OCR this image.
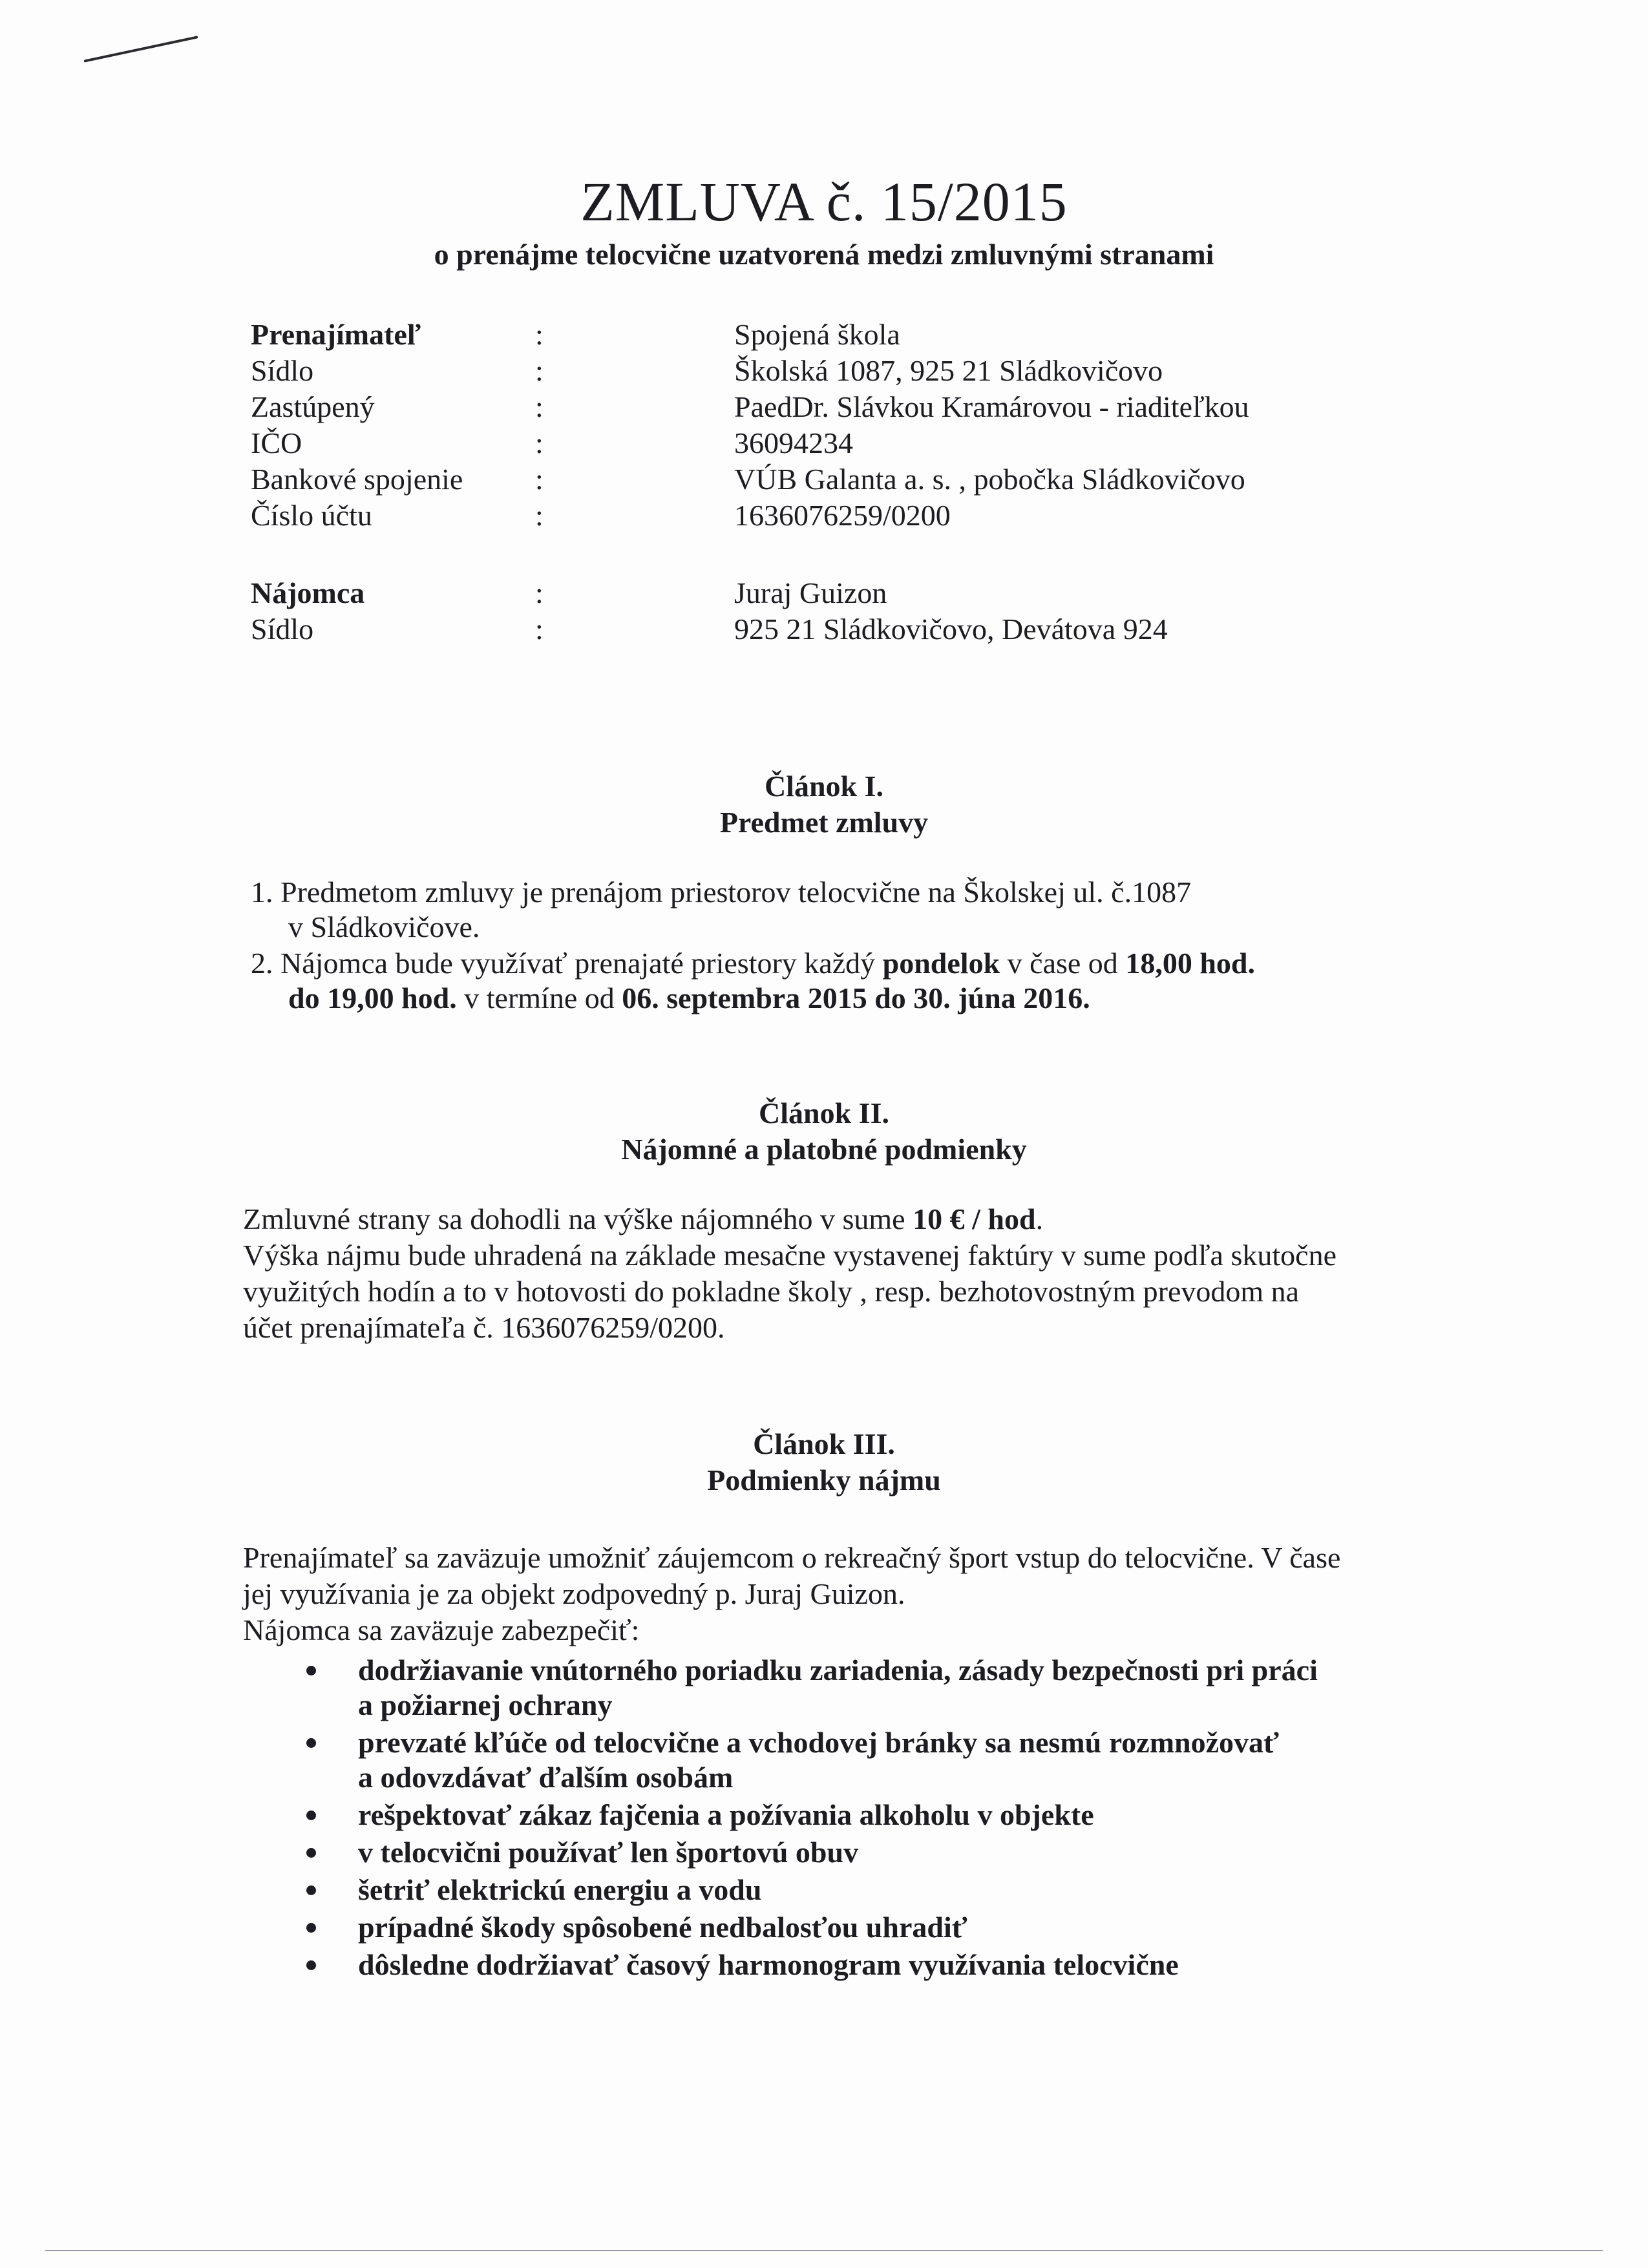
ZMLUVA č. 15/2015
o prenájme telocvične uzatvorená medzi zmluvnými stranami
Prenajímateľ	:	Spojená škola
Sídlo	:	Školská 1087, 925 21 Sládkovičovo
Zastúpený	:	PaedDr. Slávkou Kramárovou - riaditeľkou
IČO	:	36094234
Bankové spojenie :	VÚB Galanta a. s. , pobočka Sládkovičovo
Číslo účtu	:	1636076259/0200
Nájomca	:	Juraj Guizon
Sídlo	:	925 21 Sládkovičovo, Devátova 924
Článok I.
Predmet zmluvy
1. Predmetom zmluvy je prenájom priestorov telocvične na Školskej ul. č.1087
v Sládkovičove.
2. Nájomca bude využívať prenajaté priestory každý pondelok v čase od 18,00 hod.
do 19,00 hod. v termíne od 06. septembra 2015 do 30. júna 2016.
Článok II.
Nájomné a platobné podmienky
Zmluvné strany sa dohodli na výške nájomného v sume 10 € / hod.
Výška nájmu bude uhradená na základe mesačne vystavenej faktúry v sume podľa skutočne
využitých hodín a to v hotovosti do pokladne školy , resp. bezhotovostným prevodom na
účet prenajímateľa č. 1636076259/0200.
Článok III.
Podmienky nájmu
Prenajímateľ sa zaväzuje umožniť záujemcom o rekreačný šport vstup do telocvične. V čase
jej využívania je za objekt zodpovedný p. Juraj Guizon.
Nájomca sa zaväzuje zabezpečiť:
dodržiavanie vnútorného poriadku zariadenia, zásady bezpečnosti pri práci
a požiarnej ochrany
prevzaté kľúče od telocvične a vchodovej bránky sa nesmú rozmnožovať
a odovzdávať ďalším osobám
rešpektovať zákaz fajčenia a požívania alkoholu v objekte
v telocvični používať len športovú obuv
šetriť elektrickú energiu a vodu
prípadné škody spôsobené nedbalosťou uhradiť
dôsledne dodržiavať časový harmonogram využívania telocvične
